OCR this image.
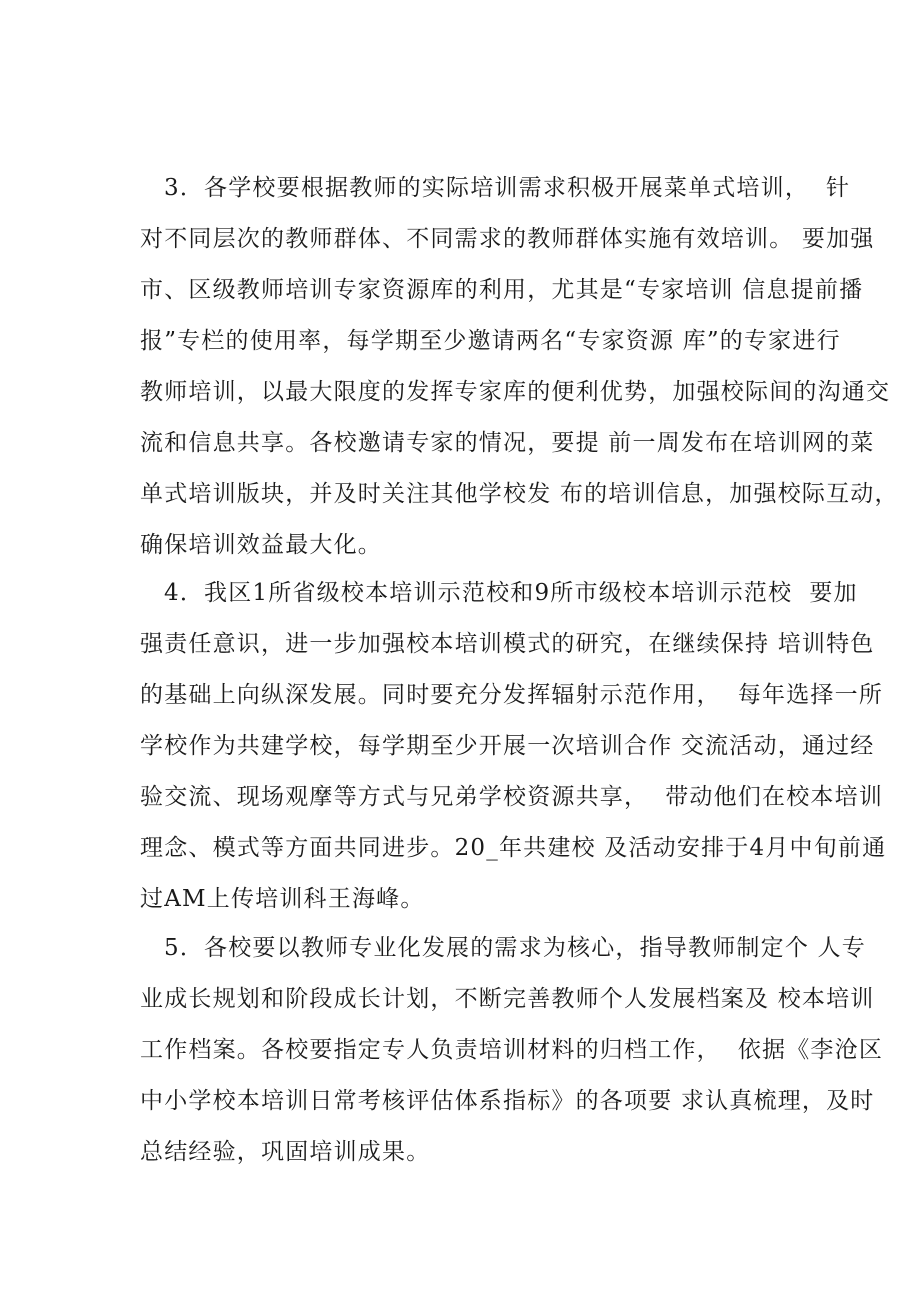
3．各学校要根据教师的实际培训需求积极开展菜单式培训，  针
对不同层次的教师群体、不同需求的教师群体实施有效培训。 要加强
市、区级教师培训专家资源库的利用，尤其是“专家培训 信息提前播
报”专栏的使用率，每学期至少邀请两名“专家资源 库”的专家进行
教师培训，以最大限度的发挥专家库的便利优势，加强校际间的沟通交
流和信息共享。各校邀请专家的情况，要提 前一周发布在培训网的菜
单式培训版块，并及时关注其他学校发 布的培训信息，加强校际互动，
确保培训效益最大化。
4．我区1所省级校本培训示范校和9所市级校本培训示范校  要加
强责任意识，进一步加强校本培训模式的研究，在继续保持 培训特色
的基础上向纵深发展。同时要充分发挥辐射示范作用，  每年选择一所
学校作为共建学校，每学期至少开展一次培训合作 交流活动，通过经
验交流、现场观摩等方式与兄弟学校资源共享，  带动他们在校本培训
理念、模式等方面共同进步。20_年共建校 及活动安排于4月中旬前通
过AM上传培训科王海峰。
5．各校要以教师专业化发展的需求为核心，指导教师制定个 人专
业成长规划和阶段成长计划，不断完善教师个人发展档案及 校本培训
工作档案。各校要指定专人负责培训材料的归档工作，  依据《李沧区
中小学校本培训日常考核评估体系指标》的各项要 求认真梳理，及时
总结经验，巩固培训成果。
